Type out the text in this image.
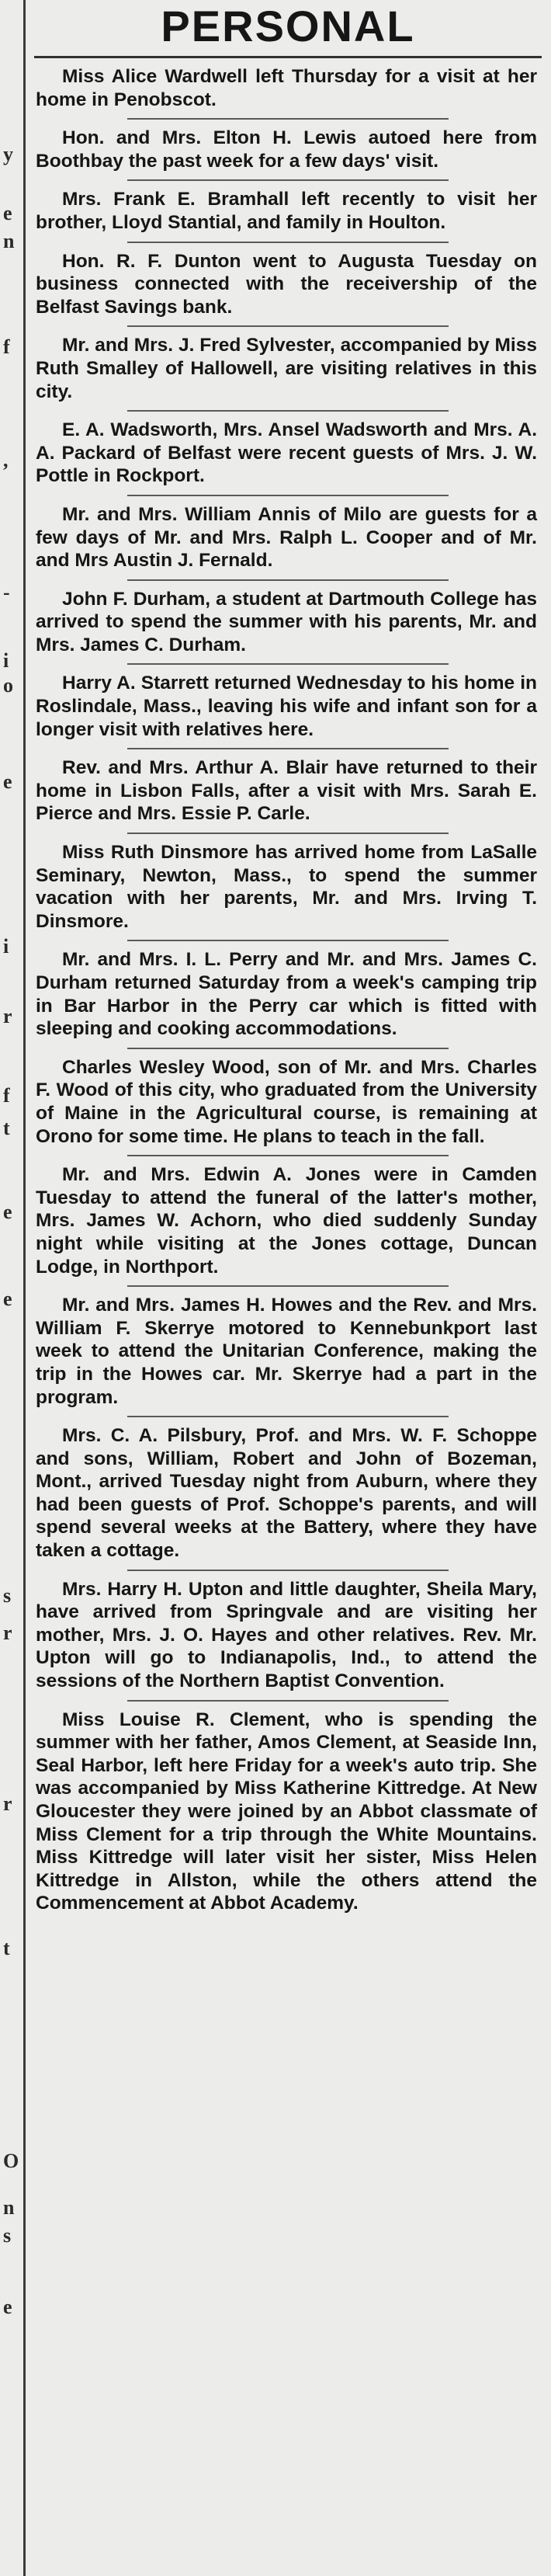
y
e
n
f
,
-
i
o
e
i
r
f
t
e
e
s
r
r
t
O
n
s
e
PERSONAL

Miss Alice Wardwell left Thursday for a visit at her home in Penobscot.

Hon. and Mrs. Elton H. Lewis autoed here from Boothbay the past week for a few days' visit.

Mrs. Frank E. Bramhall left recently to visit her brother, Lloyd Stantial, and family in Houlton.

Hon. R. F. Dunton went to Augusta Tuesday on business connected with the receivership of the Belfast Savings bank.

Mr. and Mrs. J. Fred Sylvester, accompanied by Miss Ruth Smalley of Hallowell, are visiting relatives in this city.

E. A. Wadsworth, Mrs. Ansel Wadsworth and Mrs. A. A. Packard of Belfast were recent guests of Mrs. J. W. Pottle in Rockport.

Mr. and Mrs. William Annis of Milo are guests for a few days of Mr. and Mrs. Ralph L. Cooper and of Mr. and Mrs Austin J. Fernald.

John F. Durham, a student at Dartmouth College has arrived to spend the summer with his parents, Mr. and Mrs. James C. Durham.

Harry A. Starrett returned Wednesday to his home in Roslindale, Mass., leaving his wife and infant son for a longer visit with relatives here.

Rev. and Mrs. Arthur A. Blair have returned to their home in Lisbon Falls, after a visit with Mrs. Sarah E. Pierce and Mrs. Essie P. Carle.

Miss Ruth Dinsmore has arrived home from LaSalle Seminary, Newton, Mass., to spend the summer vacation with her parents, Mr. and Mrs. Irving T. Dinsmore.

Mr. and Mrs. I. L. Perry and Mr. and Mrs. James C. Durham returned Saturday from a week's camping trip in Bar Harbor in the Perry car which is fitted with sleeping and cooking accommodations.

Charles Wesley Wood, son of Mr. and Mrs. Charles F. Wood of this city, who graduated from the University of Maine in the Agricultural course, is remaining at Orono for some time. He plans to teach in the fall.

Mr. and Mrs. Edwin A. Jones were in Camden Tuesday to attend the funeral of the latter's mother, Mrs. James W. Achorn, who died suddenly Sunday night while visiting at the Jones cottage, Duncan Lodge, in Northport.

Mr. and Mrs. James H. Howes and the Rev. and Mrs. William F. Skerrye motored to Kennebunkport last week to attend the Unitarian Conference, making the trip in the Howes car. Mr. Skerrye had a part in the program.

Mrs. C. A. Pilsbury, Prof. and Mrs. W. F. Schoppe and sons, William, Robert and John of Bozeman, Mont., arrived Tuesday night from Auburn, where they had been guests of Prof. Schoppe's parents, and will spend several weeks at the Battery, where they have taken a cottage.

Mrs. Harry H. Upton and little daughter, Sheila Mary, have arrived from Springvale and are visiting her mother, Mrs. J. O. Hayes and other relatives. Rev. Mr. Upton will go to Indianapolis, Ind., to attend the sessions of the Northern Baptist Convention.

Miss Louise R. Clement, who is spending the summer with her father, Amos Clement, at Seaside Inn, Seal Harbor, left here Friday for a week's auto trip. She was accompanied by Miss Katherine Kittredge. At New Gloucester they were joined by an Abbot classmate of Miss Clement for a trip through the White Mountains. Miss Kittredge will later visit her sister, Miss Helen Kittredge in Allston, while the others attend the Commencement at Abbot Academy.
